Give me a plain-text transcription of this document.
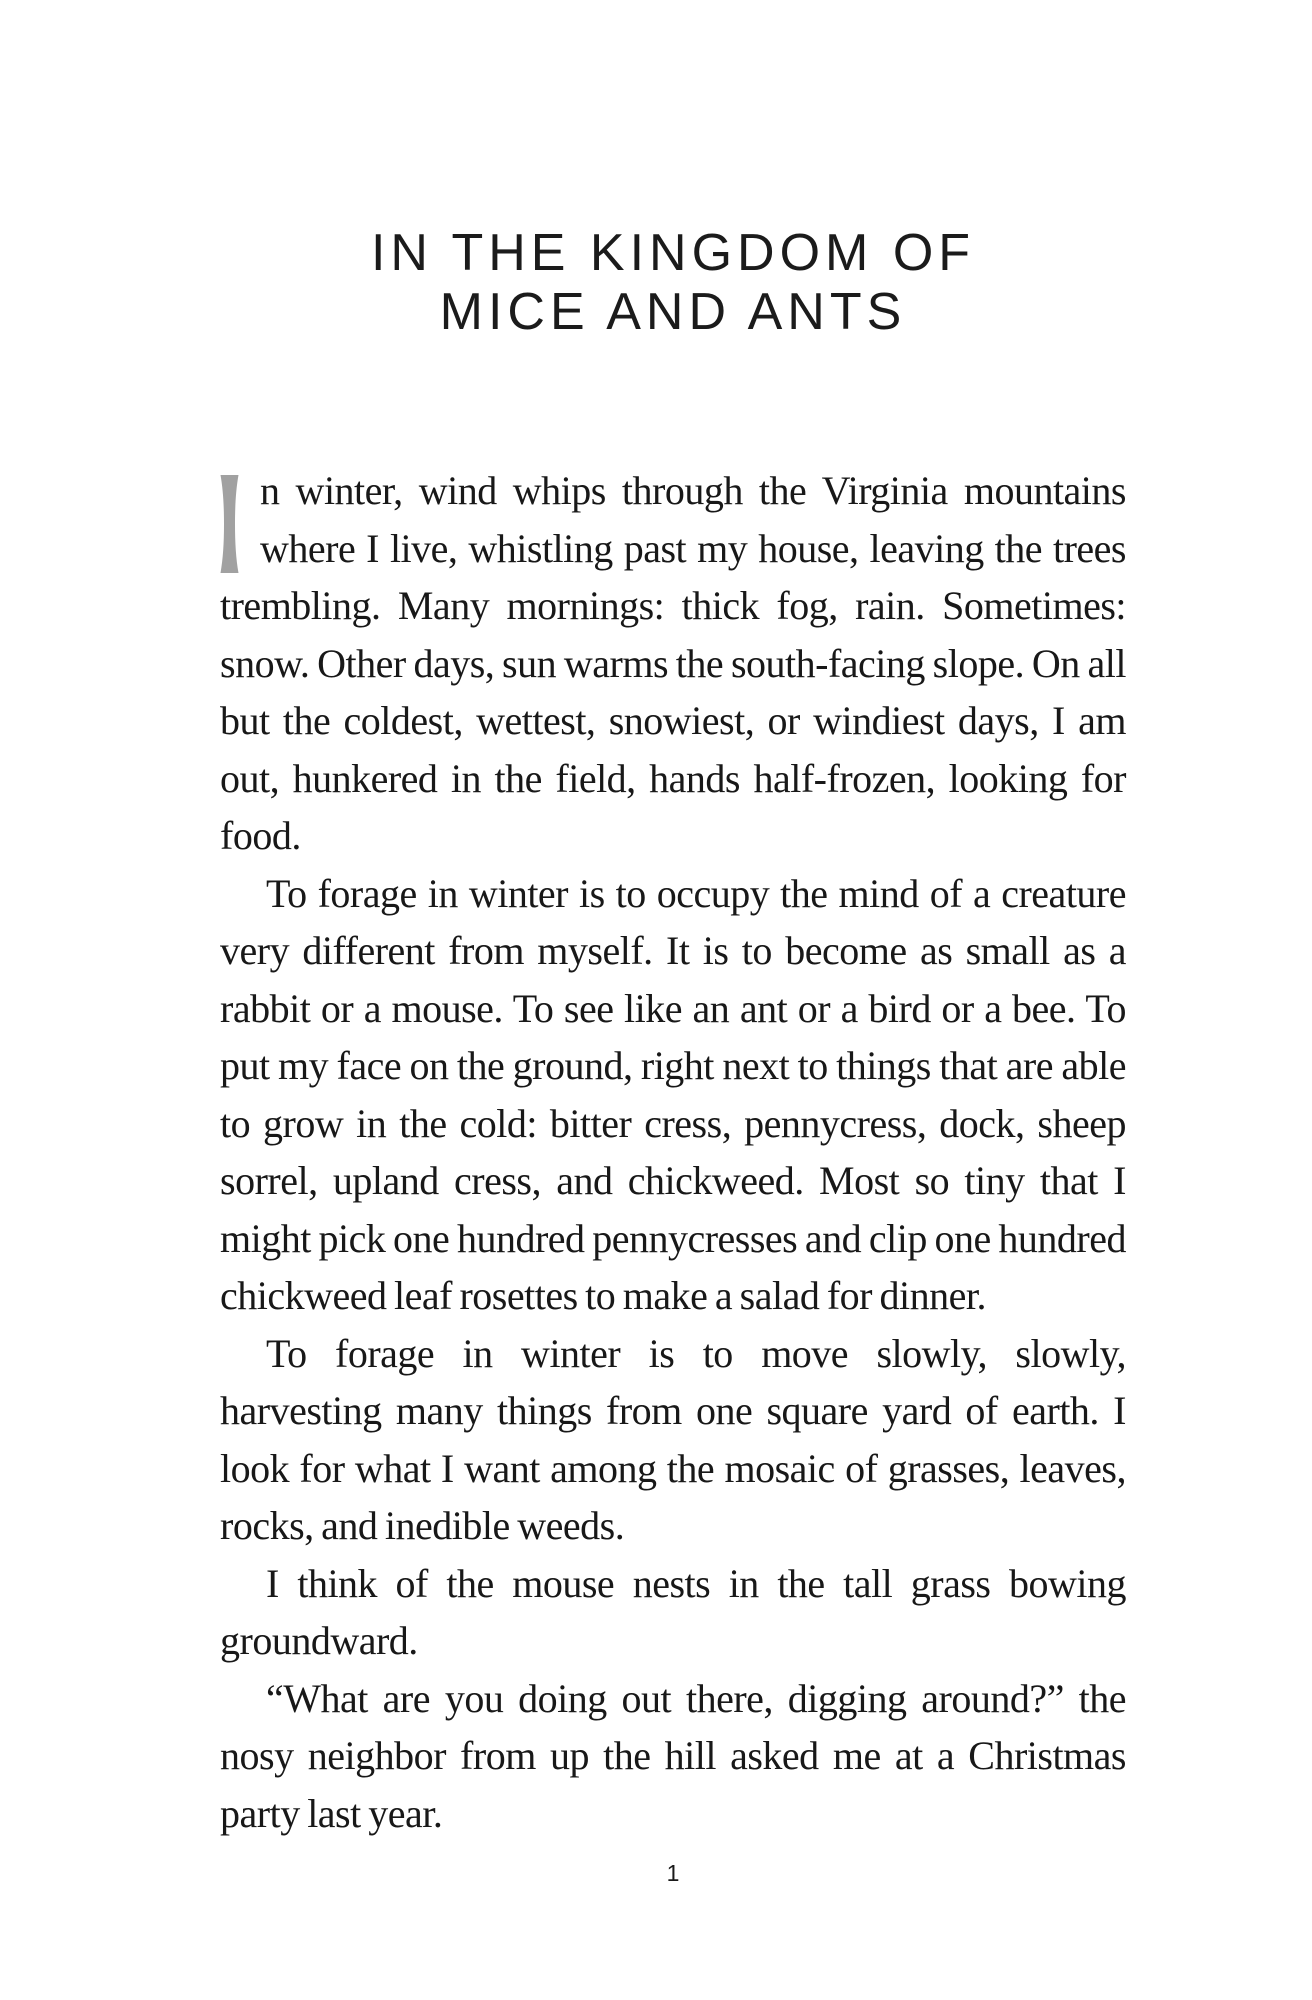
IN THE KINGDOM OF
MICE AND ANTS

n winter, wind whips through the Virginia mountains where I live, whistling past my house, leaving the trees trembling. Many mornings: thick fog, rain. Sometimes: snow. Other days, sun warms the south-facing slope. On all but the coldest, wettest, snowiest, or windiest days, I am out, hunkered in the field, hands half-frozen, looking for food.

To forage in winter is to occupy the mind of a creature very different from myself. It is to become as small as a rabbit or a mouse. To see like an ant or a bird or a bee. To put my face on the ground, right next to things that are able to grow in the cold: bitter cress, pennycress, dock, sheep sorrel, upland cress, and chickweed. Most so tiny that I might pick one hundred pennycresses and clip one hundred chickweed leaf rosettes to make a salad for dinner.

To forage in winter is to move slowly, slowly, harvesting many things from one square yard of earth. I look for what I want among the mosaic of grasses, leaves, rocks, and inedible weeds.

I think of the mouse nests in the tall grass bowing groundward.

“What are you doing out there, digging around?” the nosy neighbor from up the hill asked me at a Christmas party last year.

1
